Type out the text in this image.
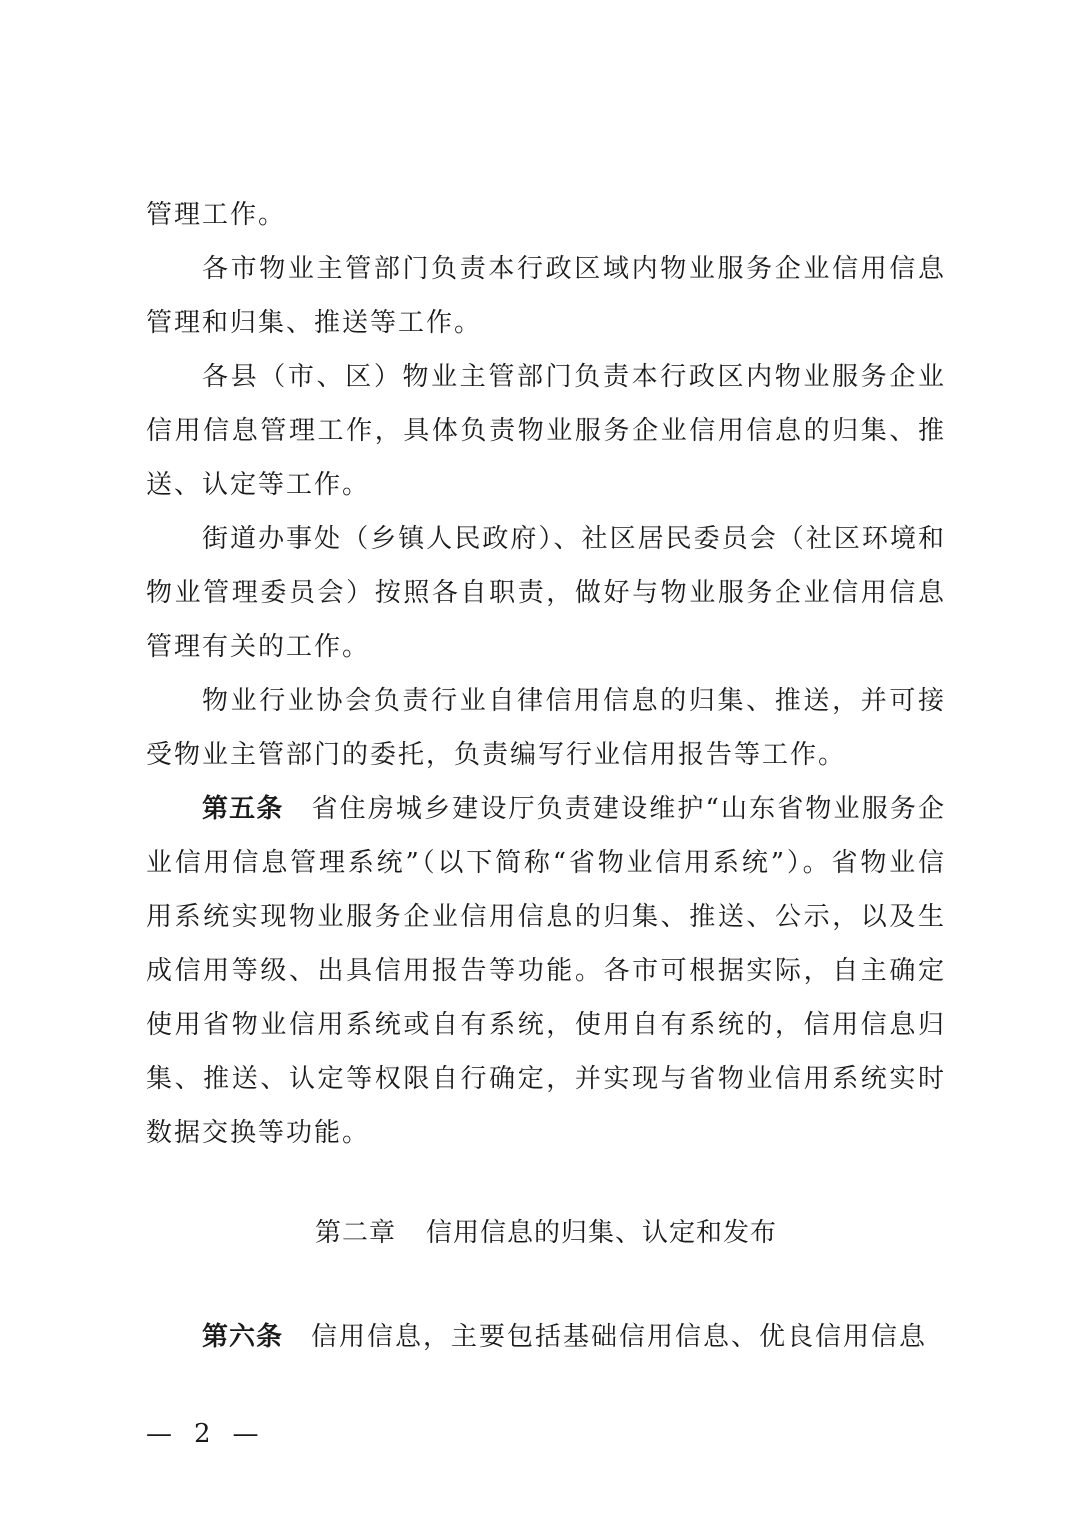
管理工作。

各市物业主管部门负责本行政区域内物业服务企业信用信息管理和归集、推送等工作。

各县（市、区）物业主管部门负责本行政区内物业服务企业信用信息管理工作，具体负责物业服务企业信用信息的归集、推送、认定等工作。

街道办事处（乡镇人民政府）、社区居民委员会（社区环境和物业管理委员会）按照各自职责，做好与物业服务企业信用信息管理有关的工作。

物业行业协会负责行业自律信用信息的归集、推送，并可接受物业主管部门的委托，负责编写行业信用报告等工作。

第五条 省住房城乡建设厅负责建设维护“山东省物业服务企业信用信息管理系统”（以下简称“省物业信用系统”）。省物业信用系统实现物业服务企业信用信息的归集、推送、公示，以及生成信用等级、出具信用报告等功能。各市可根据实际，自主确定使用省物业信用系统或自有系统，使用自有系统的，信用信息归集、推送、认定等权限自行确定，并实现与省物业信用系统实时数据交换等功能。

第二章 信用信息的归集、认定和发布

第六条 信用信息，主要包括基础信用信息、优良信用信息

— 2 —
